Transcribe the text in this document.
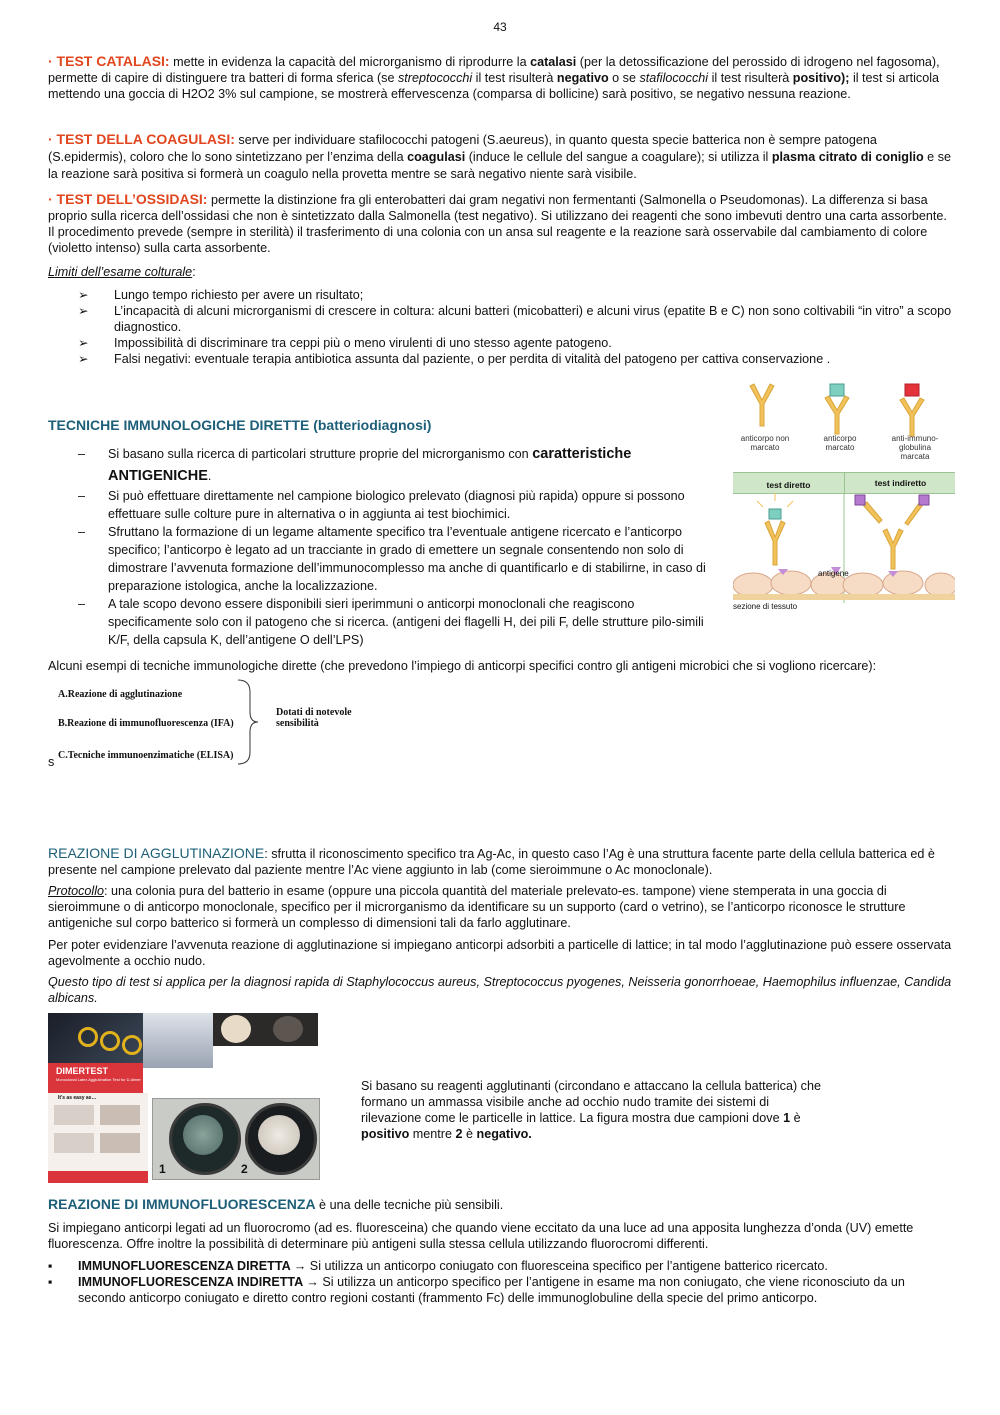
43

· TEST CATALASI: mette in evidenza la capacità del microrganismo di riprodurre la catalasi (per la detossificazione del perossido di idrogeno nel fagosoma), permette di capire di distinguere tra batteri di forma sferica (se streptococchi il test risulterà negativo o se stafilococchi il test risulterà positivo); il test si articola mettendo una goccia di H2O2 3% sul campione, se mostrerà effervescenza (comparsa di bollicine) sarà positivo, se negativo nessuna reazione.

· TEST DELLA COAGULASI: serve per individuare stafilococchi patogeni (S.aeureus), in quanto questa specie batterica non è sempre patogena (S.epidermis), coloro che lo sono sintetizzano per l’enzima della coagulasi (induce le cellule del sangue a coagulare); si utilizza il plasma citrato di coniglio e se la reazione sarà positiva si formerà un coagulo nella provetta mentre se sarà negativo niente sarà visibile.

· TEST DELL’OSSIDASI: permette la distinzione fra gli enterobatteri dai gram negativi non fermentanti (Salmonella o Pseudomonas). La differenza si basa proprio sulla ricerca dell’ossidasi che non è sintetizzato dalla Salmonella (test negativo). Si utilizzano dei reagenti che sono imbevuti dentro una carta assorbente. Il procedimento prevede (sempre in sterilità) il trasferimento di una colonia con un ansa sul reagente e la reazione sarà osservabile dal cambiamento di colore (violetto intenso) sulla carta assorbente.

Limiti dell’esame colturale:

➢ Lungo tempo richiesto per avere un risultato;
➢ L’incapacità di alcuni microrganismi di crescere in coltura: alcuni batteri (micobatteri) e alcuni virus (epatite B e C) non sono coltivabili “in vitro” a scopo diagnostico.
➢ Impossibilità di discriminare tra ceppi più o meno virulenti di uno stesso agente patogeno.
➢ Falsi negativi: eventuale terapia antibiotica assunta dal paziente, o per perdita di vitalità del patogeno per cattiva conservazione .
TECNICHE IMMUNOLOGICHE DIRETTE (batteriodiagnosi)
– Si basano sulla ricerca di particolari strutture proprie del microrganismo con caratteristiche ANTIGENICHE.
– Si può effettuare direttamente nel campione biologico prelevato (diagnosi più rapida) oppure si possono effettuare sulle colture pure in alternativa o in aggiunta ai test biochimici.
– Sfruttano la formazione di un legame altamente specifico tra l’eventuale antigene ricercato e l’anticorpo specifico; l’anticorpo è legato ad un tracciante in grado di emettere un segnale consentendo non solo di dimostrare l’avvenuta formazione dell’immunocomplesso ma anche di quantificarlo e di stabilirne, in caso di preparazione istologica, anche la localizzazione.
– A tale scopo devono essere disponibili sieri iperimmuni o anticorpi monoclonali che reagiscono specificamente solo con il patogeno che si ricerca. (antigeni dei flagelli H, dei pili F, delle strutture pilo-simili K/F, della capsula K, dell’antigene O dell’LPS)
anticorpo non marcato
anticorpo marcato
anti-immuno-globulina marcata
test diretto	test indiretto
antigene
sezione di tessuto

Alcuni esempi di tecniche immunologiche dirette (che prevedono l’impiego di anticorpi specifici contro gli antigeni microbici che si vogliono ricercare):

A.Reazione di agglutinazione
B.Reazione di immunofluorescenza (IFA)
C.Tecniche immunoenzimatiche (ELISA)
Dotati di notevole sensibilità
s

REAZIONE DI AGGLUTINAZIONE: sfrutta il riconoscimento specifico tra Ag-Ac, in questo caso l’Ag è una struttura facente parte della cellula batterica ed è presente nel campione prelevato dal paziente mentre l’Ac viene aggiunto in lab (come sieroimmune o Ac monoclonale).

Protocollo: una colonia pura del batterio in esame (oppure una piccola quantità del materiale prelevato-es. tampone) viene stemperata in una goccia di sieroimmune o di anticorpo monoclonale, specifico per il microrganismo da identificare su un supporto (card o vetrino), se l’anticorpo riconosce le strutture antigeniche sul corpo batterico si formerà un complesso di dimensioni tali da farlo agglutinare.

Per poter evidenziare l’avvenuta reazione di agglutinazione si impiegano anticorpi adsorbiti a particelle di lattice; in tal modo l’agglutinazione può essere osservata agevolmente a occhio nudo.

Questo tipo di test si applica per la diagnosi rapida di Staphylococcus aureus, Streptococcus pyogenes, Neisseria gonorrhoeae, Haemophilus influenzae, Candida albicans.

DIMERTEST
Monoclonal Latex Agglutination Test for D-dimer
It’s as easy as…
1	2

Si basano su reagenti agglutinanti (circondano e attaccano la cellula batterica) che formano un ammassa visibile anche ad occhio nudo tramite dei sistemi di rilevazione come le particelle in lattice. La figura mostra due campioni dove 1 è positivo mentre 2 è negativo.

REAZIONE DI IMMUNOFLUORESCENZA è una delle tecniche più sensibili.

Si impiegano anticorpi legati ad un fluorocromo (ad es. fluoresceina) che quando viene eccitato da una luce ad una apposita lunghezza d’onda (UV) emette fluorescenza. Offre inoltre la possibilità di determinare più antigeni sulla stessa cellula utilizzando fluorocromi differenti.

▪ IMMUNOFLUORESCENZA DIRETTA → Si utilizza un anticorpo coniugato con fluoresceina specifico per l’antigene batterico ricercato.
▪ IMMUNOFLUORESCENZA INDIRETTA → Si utilizza un anticorpo specifico per l’antigene in esame ma non coniugato, che viene riconosciuto da un secondo anticorpo coniugato e diretto contro regioni costanti (frammento Fc) delle immunoglobuline della specie del primo anticorpo.
